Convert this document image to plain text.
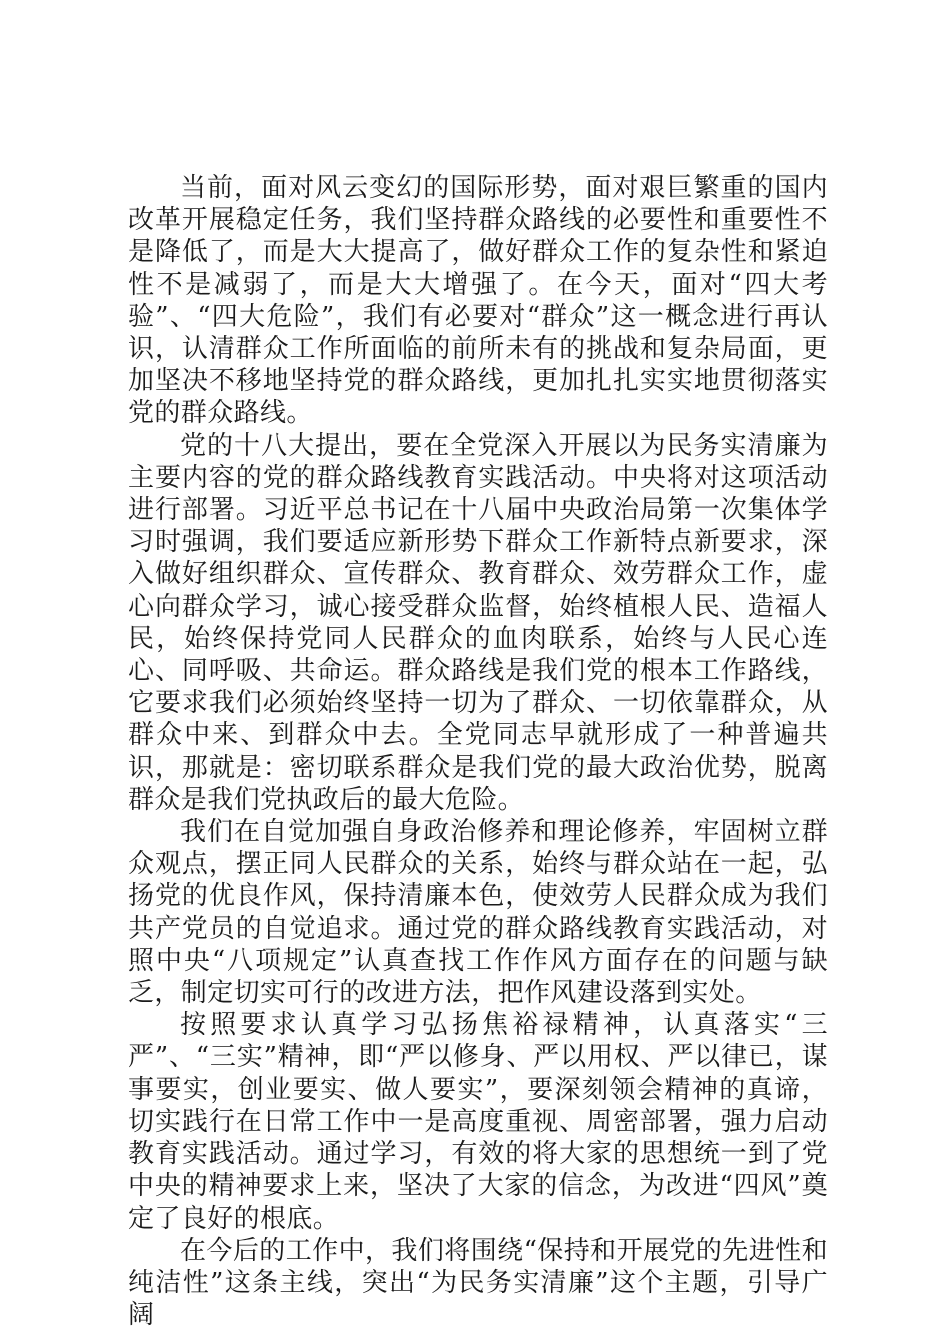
当前，面对风云变幻的国际形势，面对艰巨繁重的国内改革开展稳定任务，我们坚持群众路线的必要性和重要性不是降低了，而是大大提高了，做好群众工作的复杂性和紧迫性不是减弱了，而是大大增强了。在今天，面对“四大考验”、“四大危险”，我们有必要对“群众”这一概念进行再认识，认清群众工作所面临的前所未有的挑战和复杂局面，更加坚决不移地坚持党的群众路线，更加扎扎实实地贯彻落实党的群众路线。

党的十八大提出，要在全党深入开展以为民务实清廉为主要内容的党的群众路线教育实践活动。中央将对这项活动进行部署。习近平总书记在十八届中央政治局第一次集体学习时强调，我们要适应新形势下群众工作新特点新要求，深入做好组织群众、宣传群众、教育群众、效劳群众工作，虚心向群众学习，诚心接受群众监督，始终植根人民、造福人民，始终保持党同人民群众的血肉联系，始终与人民心连心、同呼吸、共命运。群众路线是我们党的根本工作路线，它要求我们必须始终坚持一切为了群众、一切依靠群众，从群众中来、到群众中去。全党同志早就形成了一种普遍共识，那就是：密切联系群众是我们党的最大政治优势，脱离群众是我们党执政后的最大危险。

我们在自觉加强自身政治修养和理论修养，牢固树立群众观点，摆正同人民群众的关系，始终与群众站在一起，弘扬党的优良作风，保持清廉本色，使效劳人民群众成为我们共产党员的自觉追求。通过党的群众路线教育实践活动，对照中央“八项规定”认真查找工作作风方面存在的问题与缺乏，制定切实可行的改进方法，把作风建设落到实处。

按照要求认真学习弘扬焦裕禄精神，认真落实“三严”、“三实”精神，即“严以修身、严以用权、严以律已，谋事要实，创业要实、做人要实”，要深刻领会精神的真谛，切实践行在日常工作中一是高度重视、周密部署，强力启动教育实践活动。通过学习，有效的将大家的思想统一到了党中央的精神要求上来，坚决了大家的信念，为改进“四风”奠定了良好的根底。

在今后的工作中，我们将围绕“保持和开展党的先进性和纯洁性”这条主线，突出“为民务实清廉”这个主题，引导广阔
